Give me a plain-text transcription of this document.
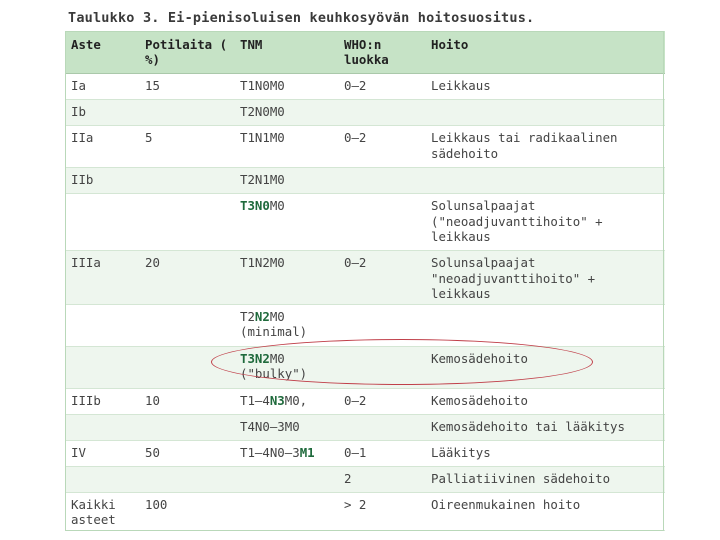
Taulukko 3. Ei-pienisoluisen keuhkosyövän hoitosuositus.
Aste	Potilaita ( %)	TNM	WHO:n luokka	Hoito
Ia	15	T1N0M0	0–2	Leikkaus
Ib		T2N0M0		
IIa	5	T1N1M0	0–2	Leikkaus tai radikaalinen sädehoito
IIb		T2N1M0		
		T3N0M0		Solunsalpaajat ("neoadjuvanttihoito" + leikkaus
IIIa	20	T1N2M0	0–2	Solunsalpaajat "neoadjuvanttihoito" + leikkaus
		T2N2M0 (minimal)		
		T3N2M0 ("bulky")		Kemosädehoito
IIIb	10	T1–4N3M0,	0–2	Kemosädehoito
		T4N0–3M0		Kemosädehoito tai lääkitys
IV	50	T1–4N0–3M1	0–1	Lääkitys
			2	Palliatiivinen sädehoito
Kaikki asteet	100		> 2	Oireenmukainen hoito
